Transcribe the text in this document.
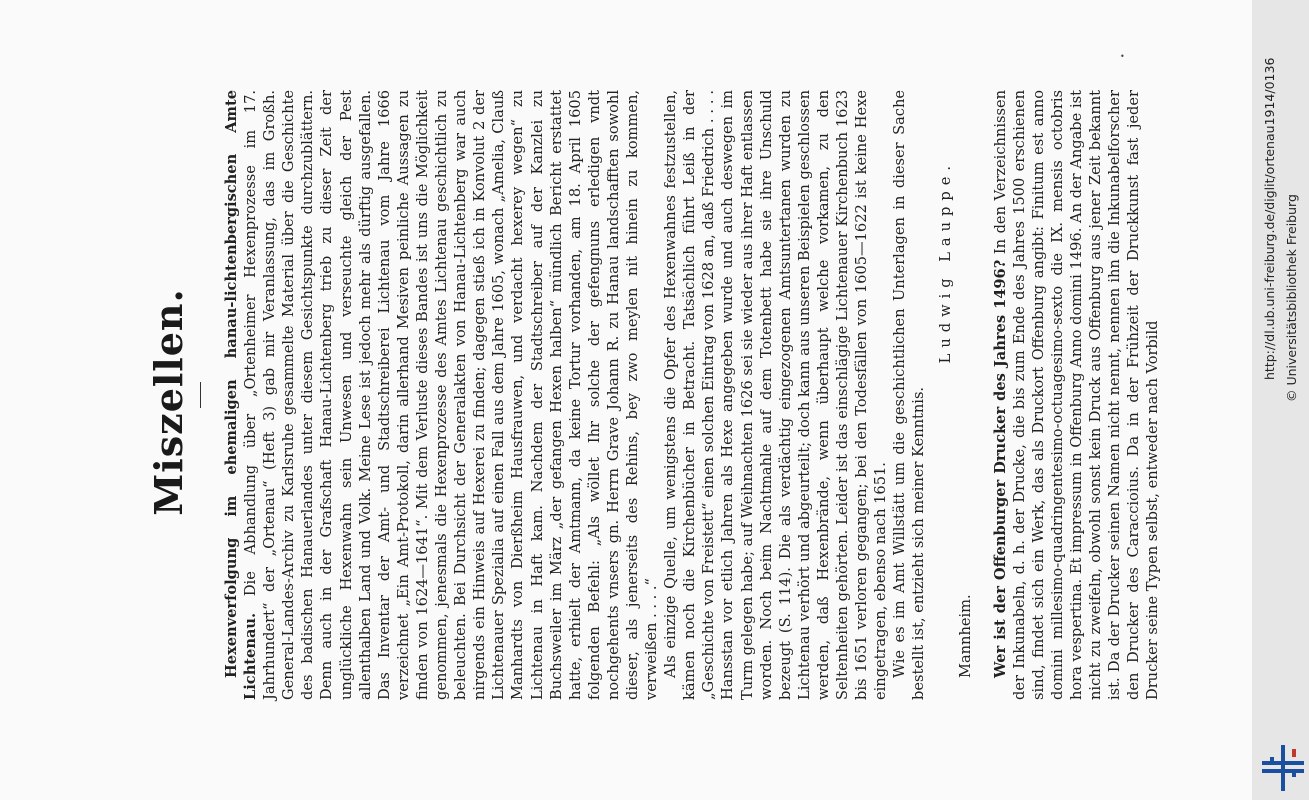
Miszellen. Hexenverfolgung im ehemaligen hanau-lichtenbergischen Amte Lichtenau. Die Abhandlung über „Ortenheimer Hexenprozesse im 17. Jahrhundert“ der „Ortenau“ (Heft 3) gab mir Veranlassung, das im Großh. General-Landes-Archiv zu Karlsruhe gesammelte Material über die Geschichte des badischen Hanauerlandes unter diesem Gesichtspunkte durchzublättern. Denn auch in der Grafschaft Hanau-Lichtenberg trieb zu dieser Zeit der unglückliche Hexenwahn sein Unwesen und verseuchte gleich der Pest allenthalben Land und Volk. Meine Lese ist jedoch mehr als dürftig ausgefallen. Das Inventar der Amt- und Stadtschreiberei Lichtenau vom Jahre 1666 verzeichnet „Ein Amt-Protokoll, darin allerhand Mesiven peinliche Aussagen zu finden von 1624—1641“. Mit dem Verluste dieses Bandes ist uns die Möglichkeit genommen, jenesmals die Hexenprozesse des Amtes Lichtenau geschichtlich zu beleuchten. Bei Durchsicht der Generalakten von Hanau-Lichtenberg war auch nirgends ein Hinweis auf Hexerei zu finden; dagegen stieß ich in Konvolut 2 der Lichtenauer Spezialia auf einen Fall aus dem Jahre 1605, wonach „Amelia, Clauß Manhardts von Dierßheim Hausfrauwen, und verdacht hexerey wegen“ zu Lichtenau in Haft kam. Nachdem der Stadtschreiber auf der Kanzlei zu Buchsweiler im März „der gefangen Hexen halben“ mündlich Bericht erstattet hatte, erhielt der Amtmann, da keine Tortur vorhanden, am 18. April 1605 folgenden Befehl: „Als wöllet Ihr solche der gefengnuns erledigen vndt nochgehents vnsers gn. Herrn Grave Johann R. zu Hanau landschafften sowohl dieser, als jenerseits des Rehins, bey zwo meylen nit hinein zu kommen, verweißen . . . .“ Als einzige Quelle, um wenigstens die Opfer des Hexenwahnes festzustellen, kämen noch die Kirchenbücher in Betracht. Tatsächlich führt Leiß in der „Geschichte von Freistett“ einen solchen Eintrag von 1628 an, daß Friedrich . . . . Hansstan vor etlich Jahren als Hexe angegeben wurde und auch deswegen im Turm gelegen habe; auf Weihnachten 1626 sei sie wieder aus ihrer Haft entlassen worden. Noch beim Nachtmahle auf dem Totenbett habe sie ihre Unschuld bezeugt (S. 114). Die als verdächtig eingezogenen Amtsuntertanen wurden zu Lichtenau verhört und abgeurteilt; doch kann aus unseren Beispielen geschlossen werden, daß Hexenbrände, wenn überhaupt welche vorkamen, zu den Seltenheiten gehörten. Leider ist das einschlägige Lichtenauer Kirchenbuch 1623 bis 1651 verloren gegangen; bei den Todesfällen von 1605—1622 ist keine Hexe eingetragen, ebenso nach 1651. Wie es im Amt Willstätt um die geschichtlichen Unterlagen in dieser Sache bestellt ist, entzieht sich meiner Kenntnis.

Ludwig Lauppe.

Mannheim. Wer ist der Offenburger Drucker des Jahres 1496? In den Verzeichnissen der Inkunabeln, d. h. der Drucke, die bis zum Ende des Jahres 1500 erschienen sind, findet sich ein Werk, das als Druckort Offenburg angibt: Finitum est anno domini millesimo-quadringentesimo-octuagesimo-sexto die IX. mensis octobris hora vespertina. Et impressum in Offenburg Anno domini 1496. An der Angabe ist nicht zu zweifeln, obwohl sonst kein Druck aus Offenburg aus jener Zeit bekannt ist. Da der Drucker seinen Namen nicht nennt, nennen ihn die Inkunabelforscher den Drucker des Caraccioius. Da in der Frühzeit der Druckkunst fast jeder Drucker seine Typen selbst, entweder nach Vorbild

•
http://dl.ub.uni-freiburg.de/diglit/ortenau1914/0136 © Universitätsbibliothek Freiburg
